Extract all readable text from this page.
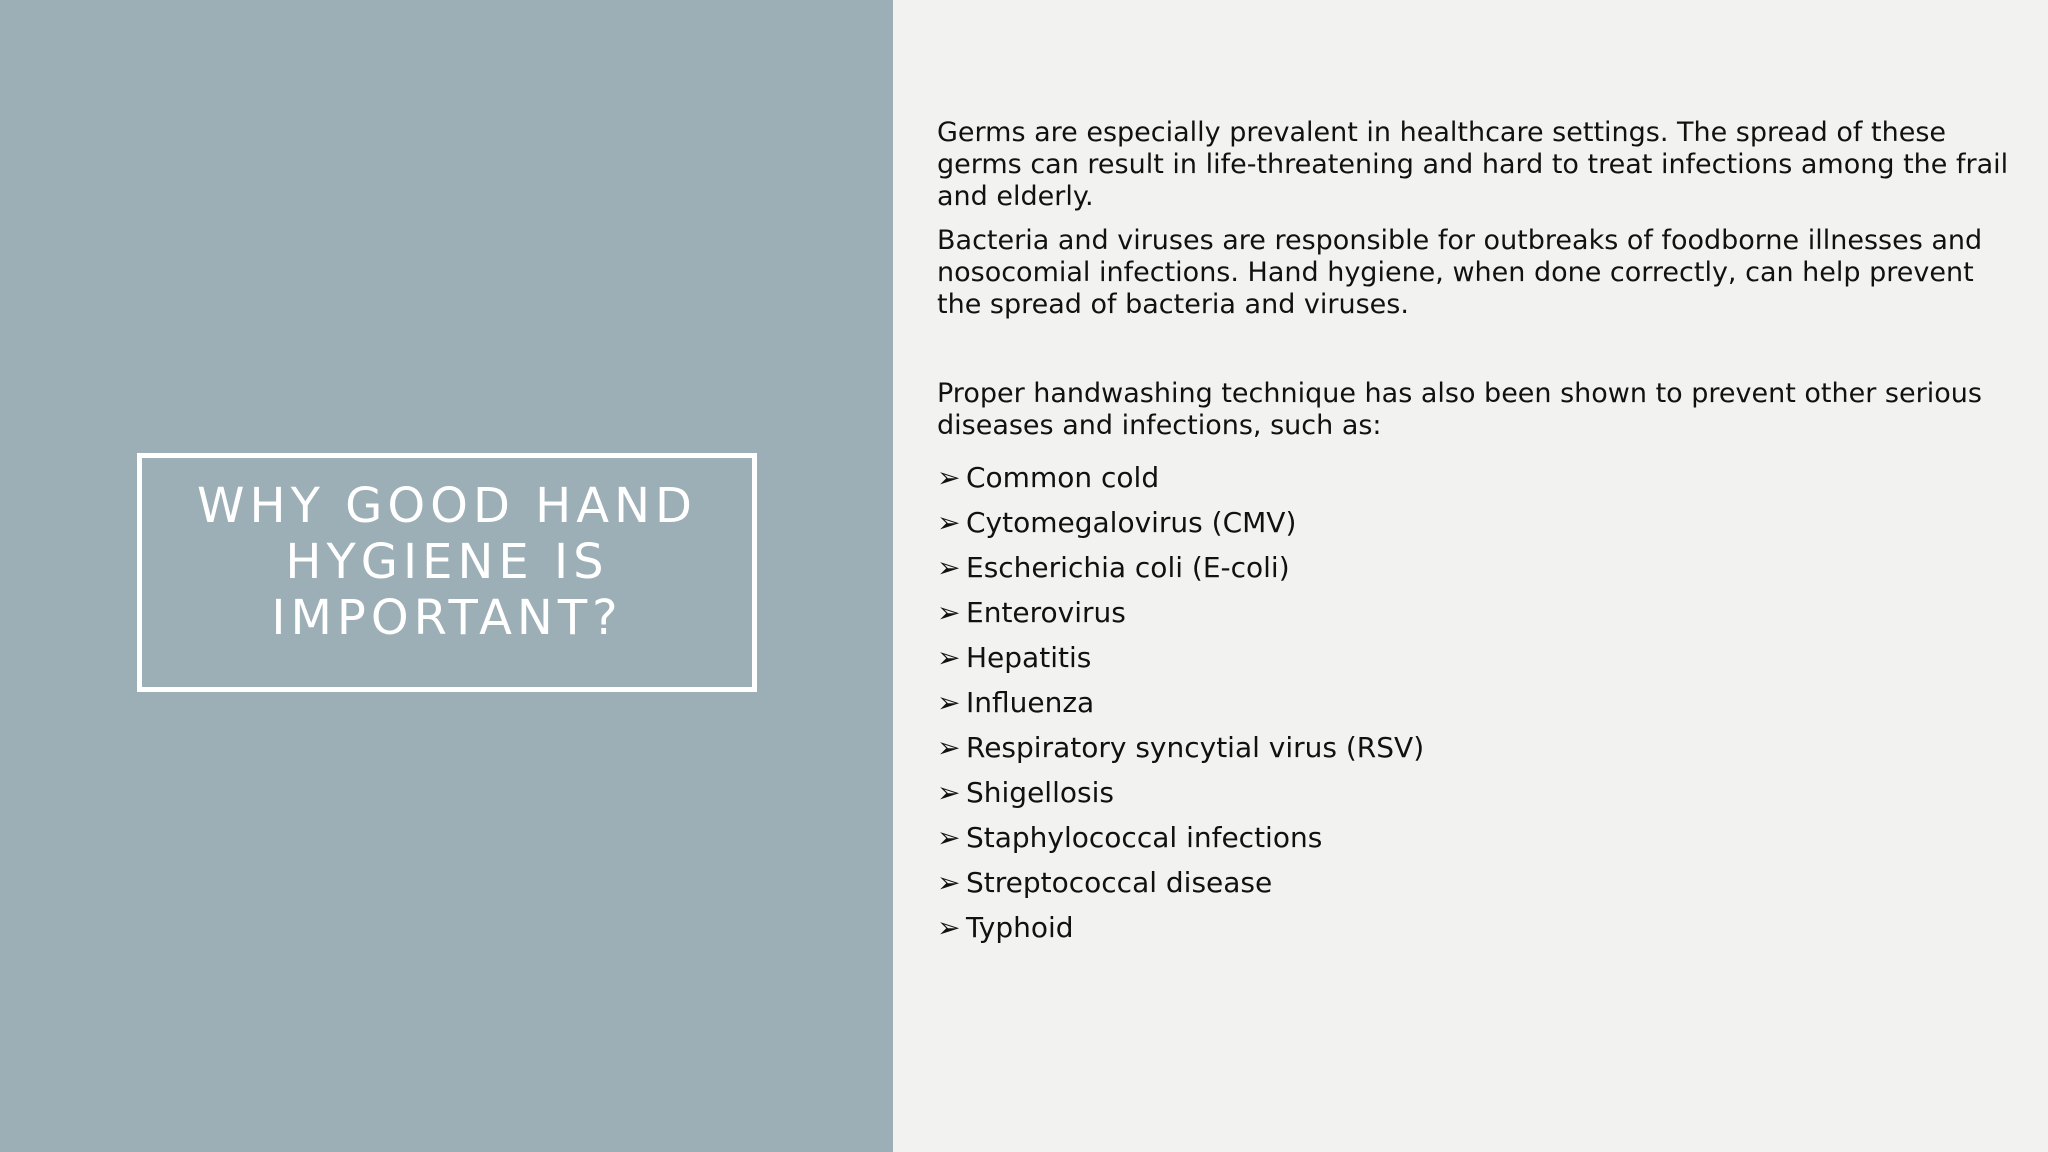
WHY GOOD HAND HYGIENE IS IMPORTANT?

Germs are especially prevalent in healthcare settings. The spread of these germs can result in life-threatening and hard to treat infections among the frail and elderly.

Bacteria and viruses are responsible for outbreaks of foodborne illnesses and nosocomial infections. Hand hygiene, when done correctly, can help prevent the spread of bacteria and viruses.

Proper handwashing technique has also been shown to prevent other serious diseases and infections, such as:

➢ Common cold
➢ Cytomegalovirus (CMV)
➢ Escherichia coli (E-coli)
➢ Enterovirus
➢ Hepatitis
➢ Influenza
➢ Respiratory syncytial virus (RSV)
➢ Shigellosis
➢ Staphylococcal infections
➢ Streptococcal disease
➢ Typhoid
